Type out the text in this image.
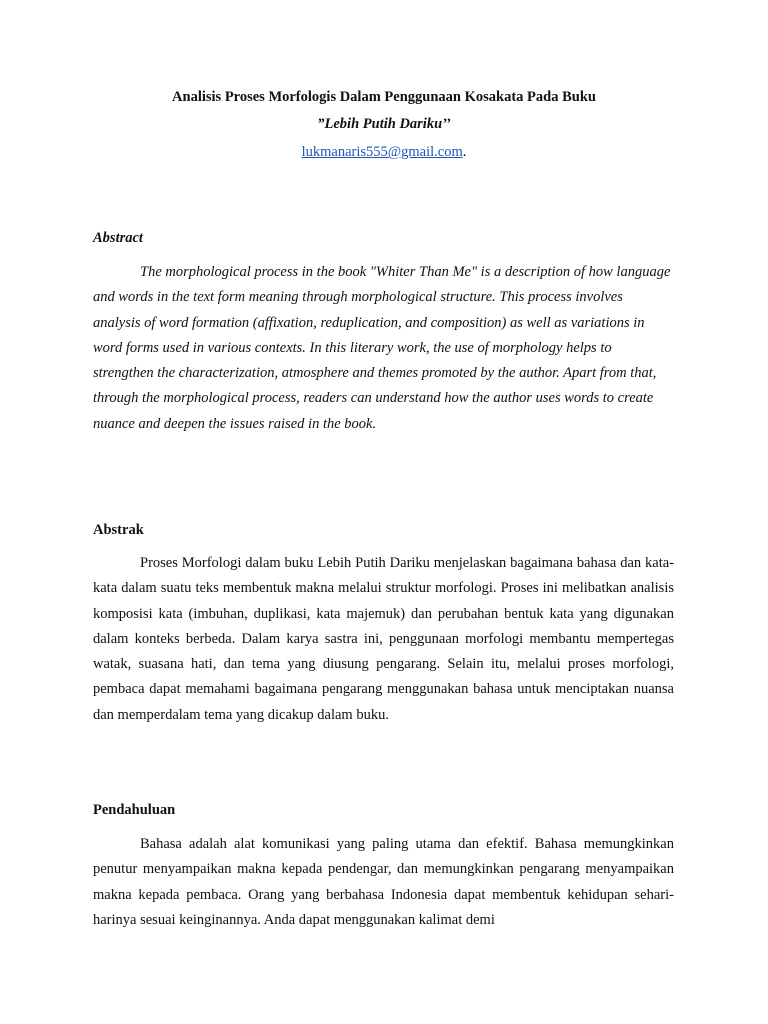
Analisis Proses Morfologis Dalam Penggunaan Kosakata Pada Buku
”Lebih Putih Dariku’’
lukmanaris555@gmail.com.
Abstract

The morphological process in the book "Whiter Than Me" is a description of how language and words in the text form meaning through morphological structure. This process involves analysis of word formation (affixation, reduplication, and composition) as well as variations in word forms used in various contexts. In this literary work, the use of morphology helps to strengthen the characterization, atmosphere and themes promoted by the author. Apart from that, through the morphological process, readers can understand how the author uses words to create nuance and deepen the issues raised in the book.

Abstrak

Proses Morfologi dalam buku Lebih Putih Dariku menjelaskan bagaimana bahasa dan kata-kata dalam suatu teks membentuk makna melalui struktur morfologi. Proses ini melibatkan analisis komposisi kata (imbuhan, duplikasi, kata majemuk) dan perubahan bentuk kata yang digunakan dalam konteks berbeda. Dalam karya sastra ini, penggunaan morfologi membantu mempertegas watak, suasana hati, dan tema yang diusung pengarang. Selain itu, melalui proses morfologi, pembaca dapat memahami bagaimana pengarang menggunakan bahasa untuk menciptakan nuansa dan memperdalam tema yang dicakup dalam buku.

Pendahuluan

Bahasa adalah alat komunikasi yang paling utama dan efektif. Bahasa memungkinkan penutur menyampaikan makna kepada pendengar, dan memungkinkan pengarang menyampaikan makna kepada pembaca. Orang yang berbahasa Indonesia dapat membentuk kehidupan sehari-harinya sesuai keinginannya. Anda dapat menggunakan kalimat demi
